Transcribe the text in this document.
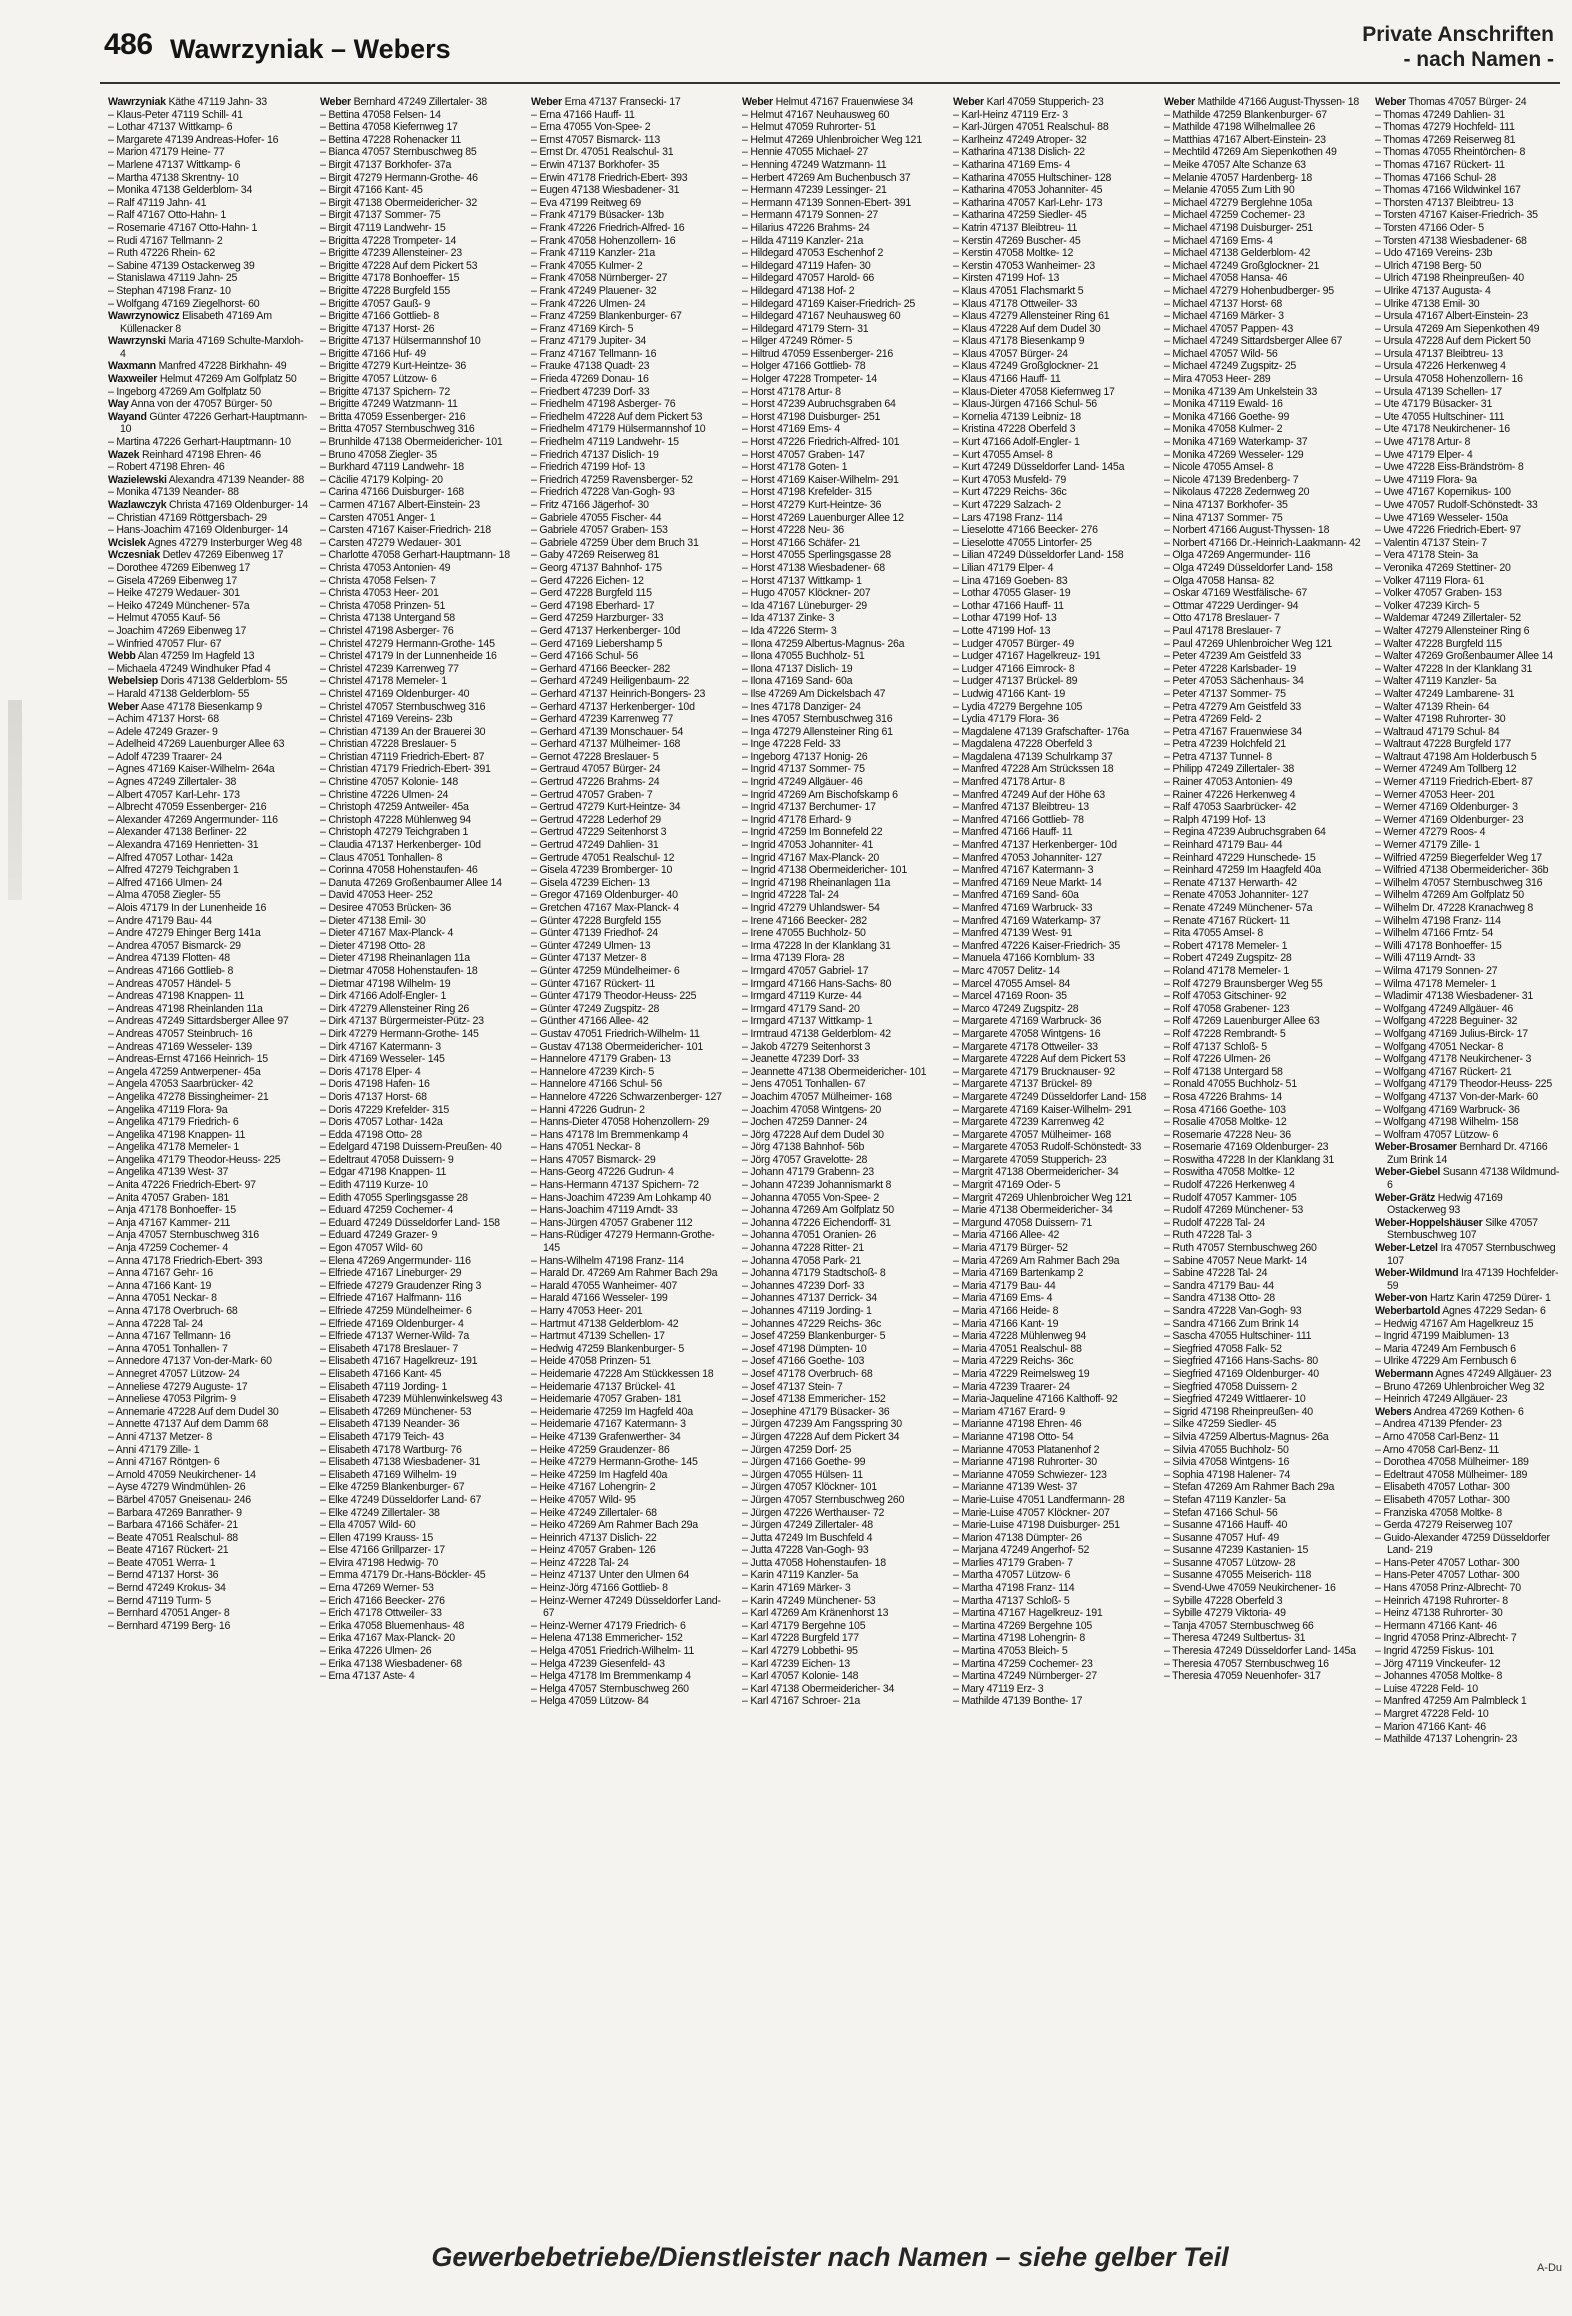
486 Wawrzyniak – Webers	Private Anschriften
- nach Namen -
Wawrzyniak Käthe 47119 Jahn- 33
– Klaus-Peter 47119 Schill- 41
– Lothar 47137 Wittkamp- 6
– Margarete 47139 Andreas-Hofer- 16
– Marion 47179 Heine- 77
– Marlene 47137 Wittkamp- 6
– Martha 47138 Skrentny- 10
– Monika 47138 Gelderblom- 34
– Ralf 47119 Jahn- 41
– Ralf 47167 Otto-Hahn- 1
– Rosemarie 47167 Otto-Hahn- 1
– Rudi 47167 Tellmann- 2
– Ruth 47226 Rhein- 62
– Sabine 47139 Ostackerweg 39
– Stanislawa 47119 Jahn- 25
– Stephan 47198 Franz- 10
– Wolfgang 47169 Ziegelhorst- 60
Wawrzynowicz Elisabeth 47169 Am Küllenacker 8
Wawrzynski Maria 47169 Schulte-Marxloh- 4
Waxmann Manfred 47228 Birkhahn- 49
Waxweiler Helmut 47269 Am Golfplatz 50
– Ingeborg 47269 Am Golfplatz 50
Way Anna von der 47057 Bürger- 50
Wayand Günter 47226 Gerhart-Hauptmann- 10
– Martina 47226 Gerhart-Hauptmann- 10
Wazek Reinhard 47198 Ehren- 46
– Robert 47198 Ehren- 46
Wazielewski Alexandra 47139 Neander- 88
– Monika 47139 Neander- 88
Wazlawczyk Christa 47169 Oldenburger- 14
– Christian 47169 Röttgersbach- 29
– Hans-Joachim 47169 Oldenburger- 14
Wcislek Agnes 47279 Insterburger Weg 48
Wczesniak Detlev 47269 Eibenweg 17
– Dorothee 47269 Eibenweg 17
– Gisela 47269 Eibenweg 17
– Heike 47279 Wedauer- 301
– Heiko 47249 Münchener- 57a
– Helmut 47055 Kauf- 56
– Joachim 47269 Eibenweg 17
– Winfried 47057 Flur- 67
Webb Alan 47259 Im Hagfeld 13
– Michaela 47249 Windhuker Pfad 4
Webelsiep Doris 47138 Gelderblom- 55
– Harald 47138 Gelderblom- 55
Weber Aase 47178 Biesenkamp 9
– Achim 47137 Horst- 68
– Adele 47249 Grazer- 9
– Adelheid 47269 Lauenburger Allee 63
– Adolf 47239 Traarer- 24
– Agnes 47169 Kaiser-Wilhelm- 264a
– Agnes 47249 Zillertaler- 38
– Albert 47057 Karl-Lehr- 173
– Albrecht 47059 Essenberger- 216
– Alexander 47269 Angermunder- 116
– Alexander 47138 Berliner- 22
– Alexandra 47169 Henrietten- 31
– Alfred 47057 Lothar- 142a
– Alfred 47279 Teichgraben 1
– Alfred 47166 Ulmen- 24
– Alma 47058 Ziegler- 55
– Alois 47179 In der Lunenheide 16
– Andre 47179 Bau- 44
– Andre 47279 Ehinger Berg 141a
– Andrea 47057 Bismarck- 29
– Andrea 47139 Flotten- 48
– Andreas 47166 Gottlieb- 8
– Andreas 47057 Händel- 5
– Andreas 47198 Knappen- 11
– Andreas 47198 Rheinlanden 11a
– Andreas 47249 Sittardsberger Allee 97
– Andreas 47057 Steinbruch- 16
– Andreas 47169 Wesseler- 139
– Andreas-Ernst 47166 Heinrich- 15
– Angela 47259 Antwerpener- 45a
– Angela 47053 Saarbrücker- 42
– Angelika 47278 Bissingheimer- 21
– Angelika 47119 Flora- 9a
– Angelika 47179 Friedrich- 6
– Angelika 47198 Knappen- 11
– Angelika 47178 Memeler- 1
– Angelika 47179 Theodor-Heuss- 225
– Angelika 47139 West- 37
– Anita 47226 Friedrich-Ebert- 97
– Anita 47057 Graben- 181
– Anja 47178 Bonhoeffer- 15
– Anja 47167 Kammer- 211
– Anja 47057 Sternbuschweg 316
– Anja 47259 Cochemer- 4
– Anna 47178 Friedrich-Ebert- 393
– Anna 47167 Gehr- 16
– Anna 47166 Kant- 19
– Anna 47051 Neckar- 8
– Anna 47178 Overbruch- 68
– Anna 47228 Tal- 24
– Anna 47167 Tellmann- 16
– Anna 47051 Tonhallen- 7
– Annedore 47137 Von-der-Mark- 60
– Annegret 47057 Lützow- 24
– Anneliese 47279 Auguste- 17
– Anneliese 47053 Pilgrim- 9
– Annemarie 47228 Auf dem Dudel 30
– Annette 47137 Auf dem Damm 68
– Anni 47137 Metzer- 8
– Anni 47179 Zille- 1
– Anni 47167 Röntgen- 6
– Arnold 47059 Neukirchener- 14
– Ayse 47279 Windmühlen- 26
– Bärbel 47057 Gneisenau- 246
– Barbara 47269 Banrather- 9
– Barbara 47166 Schäfer- 21
– Beate 47051 Realschul- 88
– Beate 47167 Rückert- 21
– Beate 47051 Werra- 1
– Bernd 47137 Horst- 36
– Bernd 47249 Krokus- 34
– Bernd 47119 Turm- 5
– Bernhard 47051 Anger- 8
– Bernhard 47199 Berg- 16
Weber Bernhard 47249 Zillertaler- 38
– Bettina 47058 Felsen- 14
– Bettina 47058 Kiefernweg 17
– Bettina 47228 Rohenacker 11
– Bianca 47057 Sternbuschweg 85
– Birgit 47137 Borkhofer- 37a
– Birgit 47279 Hermann-Grothe- 46
– Birgit 47166 Kant- 45
– Birgit 47138 Obermeidericher- 32
– Birgit 47137 Sommer- 75
– Birgit 47119 Landwehr- 15
– Brigitta 47228 Trompeter- 14
– Brigitte 47239 Allensteiner- 23
– Brigitte 47228 Auf dem Pickert 53
– Brigitte 47178 Bonhoeffer- 15
– Brigitte 47228 Burgfeld 155
– Brigitte 47057 Gauß- 9
– Brigitte 47166 Gottlieb- 8
– Brigitte 47137 Horst- 26
– Brigitte 47137 Hülsermannshof 10
– Brigitte 47166 Huf- 49
– Brigitte 47279 Kurt-Heintze- 36
– Brigitte 47057 Lützow- 6
– Brigitte 47137 Spichern- 72
– Brigitte 47249 Watzmann- 11
– Britta 47059 Essenberger- 216
– Britta 47057 Sternbuschweg 316
– Brunhilde 47138 Obermeidericher- 101
– Bruno 47058 Ziegler- 35
– Burkhard 47119 Landwehr- 18
– Cäcilie 47179 Kolping- 20
– Carina 47166 Duisburger- 168
– Carmen 47167 Albert-Einstein- 23
– Carsten 47051 Anger- 1
– Carsten 47167 Kaiser-Friedrich- 218
– Carsten 47279 Wedauer- 301
– Charlotte 47058 Gerhart-Hauptmann- 18
– Christa 47053 Antonien- 49
– Christa 47058 Felsen- 7
– Christa 47053 Heer- 201
– Christa 47058 Prinzen- 51
– Christa 47138 Untergand 58
– Christel 47198 Asberger- 76
– Christel 47279 Hermann-Grothe- 145
– Christel 47179 In der Lunnenheide 16
– Christel 47239 Karrenweg 77
– Christel 47178 Memeler- 1
– Christel 47169 Oldenburger- 40
– Christel 47057 Sternbuschweg 316
– Christel 47169 Vereins- 23b
– Christian 47139 An der Brauerei 30
– Christian 47228 Breslauer- 5
– Christian 47119 Friedrich-Ebert- 87
– Christian 47179 Friedrich-Ebert- 391
– Christine 47057 Kolonie- 148
– Christine 47226 Ulmen- 24
– Christoph 47259 Antweiler- 45a
– Christoph 47228 Mühlenweg 94
– Christoph 47279 Teichgraben 1
– Claudia 47137 Herkenberger- 10d
– Claus 47051 Tonhallen- 8
– Corinna 47058 Hohenstaufen- 46
– Danuta 47269 Großenbaumer Allee 14
– David 47053 Heer- 252
– Desiree 47053 Brücken- 36
– Dieter 47138 Emil- 30
– Dieter 47167 Max-Planck- 4
– Dieter 47198 Otto- 28
– Dieter 47198 Rheinanlagen 11a
– Dietmar 47058 Hohenstaufen- 18
– Dietmar 47198 Wilhelm- 19
– Dirk 47166 Adolf-Engler- 1
– Dirk 47279 Allensteiner Ring 26
– Dirk 47137 Bürgermeister-Pütz- 23
– Dirk 47279 Hermann-Grothe- 145
– Dirk 47167 Katermann- 3
– Dirk 47169 Wesseler- 145
– Doris 47178 Elper- 4
– Doris 47198 Hafen- 16
– Doris 47137 Horst- 68
– Doris 47229 Krefelder- 315
– Doris 47057 Lothar- 142a
– Edda 47198 Otto- 28
– Edelgard 47198 Duissern-Preußen- 40
– Edeltraut 47058 Duissern- 9
– Edgar 47198 Knappen- 11
– Edith 47119 Kurze- 10
– Edith 47055 Sperlingsgasse 28
– Eduard 47259 Cochemer- 4
– Eduard 47249 Düsseldorfer Land- 158
– Eduard 47249 Grazer- 9
– Egon 47057 Wild- 60
– Elena 47269 Angermunder- 116
– Elfriede 47167 Lineburger- 29
– Elfriede 47279 Graudenzer Ring 3
– Elfriede 47167 Halfmann- 116
– Elfriede 47259 Mündelheimer- 6
– Elfriede 47169 Oldenburger- 4
– Elfriede 47137 Werner-Wild- 7a
– Elisabeth 47178 Breslauer- 7
– Elisabeth 47167 Hagelkreuz- 191
– Elisabeth 47166 Kant- 45
– Elisabeth 47119 Jording- 1
– Elisabeth 47239 Mühlenwinkelsweg 43
– Elisabeth 47269 Münchener- 53
– Elisabeth 47139 Neander- 36
– Elisabeth 47179 Teich- 43
– Elisabeth 47178 Wartburg- 76
– Elisabeth 47138 Wiesbadener- 31
– Elisabeth 47169 Wilhelm- 19
– Elke 47259 Blankenburger- 67
– Elke 47249 Düsseldorfer Land- 67
– Elke 47249 Zillertaler- 38
– Ella 47057 Wild- 60
– Ellen 47199 Krauss- 15
– Else 47166 Grillparzer- 17
– Elvira 47198 Hedwig- 70
– Emma 47179 Dr.-Hans-Böckler- 45
– Erna 47269 Werner- 53
– Erich 47166 Beecker- 276
– Erich 47178 Ottweiler- 33
– Erika 47058 Bluemenhaus- 48
– Erika 47167 Max-Planck- 20
– Erika 47226 Ulmen- 26
– Erika 47138 Wiesbadener- 68
– Erna 47137 Aste- 4
Weber Erna 47137 Fransecki- 17
– Erna 47166 Hauff- 11
– Erna 47055 Von-Spee- 2
– Ernst 47057 Bismarck- 113
– Ernst Dr. 47051 Realschul- 31
– Erwin 47137 Borkhofer- 35
– Erwin 47178 Friedrich-Ebert- 393
– Eugen 47138 Wiesbadener- 31
– Eva 47199 Reitweg 69
– Frank 47179 Büsacker- 13b
– Frank 47226 Friedrich-Alfred- 16
– Frank 47058 Hohenzollern- 16
– Frank 47119 Kanzler- 21a
– Frank 47055 Kulmer- 2
– Frank 47058 Nürnberger- 27
– Frank 47249 Plauener- 32
– Frank 47226 Ulmen- 24
– Franz 47259 Blankenburger- 67
– Franz 47169 Kirch- 5
– Franz 47179 Jupiter- 34
– Franz 47167 Tellmann- 16
– Frauke 47138 Quadt- 23
– Frieda 47269 Donau- 16
– Friedbert 47239 Dorf- 33
– Friedhelm 47198 Asberger- 76
– Friedhelm 47228 Auf dem Pickert 53
– Friedhelm 47179 Hülsermannshof 10
– Friedhelm 47119 Landwehr- 15
– Friedrich 47137 Dislich- 19
– Friedrich 47199 Hof- 13
– Friedrich 47259 Ravensberger- 52
– Friedrich 47228 Van-Gogh- 93
– Fritz 47166 Jägerhof- 30
– Gabriele 47055 Fischer- 44
– Gabriele 47057 Graben- 153
– Gabriele 47259 Über dem Bruch 31
– Gaby 47269 Reiserweg 81
– Georg 47137 Bahnhof- 175
– Gerd 47226 Eichen- 12
– Gerd 47228 Burgfeld 115
– Gerd 47198 Eberhard- 17
– Gerd 47259 Harzburger- 33
– Gerd 47137 Herkenberger- 10d
– Gerd 47169 Liebershamp 5
– Gerd 47166 Schul- 56
– Gerhard 47166 Beecker- 282
– Gerhard 47249 Heiligenbaum- 22
– Gerhard 47137 Heinrich-Bongers- 23
– Gerhard 47137 Herkenberger- 10d
– Gerhard 47239 Karrenweg 77
– Gerhard 47139 Monschauer- 54
– Gerhard 47137 Mülheimer- 168
– Gernot 47228 Breslauer- 5
– Gertraud 47057 Bürger- 24
– Gertrud 47226 Brahms- 24
– Gertrud 47057 Graben- 7
– Gertrud 47279 Kurt-Heintze- 34
– Gertrud 47228 Lederhof 29
– Gertrud 47229 Seitenhorst 3
– Gertrud 47249 Dahlien- 31
– Gertrude 47051 Realschul- 12
– Gisela 47239 Bromberger- 10
– Gisela 47239 Eichen- 13
– Gregor 47169 Oldenburger- 40
– Gretchen 47167 Max-Planck- 4
– Günter 47228 Burgfeld 155
– Günter 47139 Friedhof- 24
– Günter 47249 Ulmen- 13
– Günter 47137 Metzer- 8
– Günter 47259 Mündelheimer- 6
– Günter 47167 Rückert- 11
– Günter 47179 Theodor-Heuss- 225
– Günter 47249 Zugspitz- 28
– Günther 47166 Allee- 42
– Gustav 47051 Friedrich-Wilhelm- 11
– Gustav 47138 Obermeidericher- 101
– Hannelore 47179 Graben- 13
– Hannelore 47239 Kirch- 5
– Hannelore 47166 Schul- 56
– Hannelore 47226 Schwarzenberger- 127
– Hanni 47226 Gudrun- 2
– Hanns-Dieter 47058 Hohenzollern- 29
– Hans 47178 Im Bremmenkamp 4
– Hans 47051 Neckar- 8
– Hans 47057 Bismarck- 29
– Hans-Georg 47226 Gudrun- 4
– Hans-Hermann 47137 Spichern- 72
– Hans-Joachim 47239 Am Lohkamp 40
– Hans-Joachim 47119 Arndt- 33
– Hans-Jürgen 47057 Grabener 112
– Hans-Rüdiger 47279 Hermann-Grothe- 145
– Hans-Wilhelm 47198 Franz- 114
– Harald Dr. 47269 Am Rahmer Bach 29a
– Harald 47055 Wanheimer- 407
– Harald 47166 Wesseler- 199
– Harry 47053 Heer- 201
– Hartmut 47138 Gelderblom- 42
– Hartmut 47139 Schellen- 17
– Hedwig 47259 Blankenburger- 5
– Heide 47058 Prinzen- 51
– Heidemarie 47228 Am Stückkessen 18
– Heidemarie 47137 Brückel- 41
– Heidemarie 47057 Graben- 181
– Heidemarie 47259 Im Hagfeld 40a
– Heidemarie 47167 Katermann- 3
– Heike 47139 Grafenwerther- 34
– Heike 47259 Graudenzer- 86
– Heike 47279 Hermann-Grothe- 145
– Heike 47259 Im Hagfeld 40a
– Heike 47167 Lohengrin- 2
– Heike 47057 Wild- 95
– Heike 47249 Zillertaler- 68
– Heiko 47269 Am Rahmer Bach 29a
– Heinrich 47137 Dislich- 22
– Heinz 47057 Graben- 126
– Heinz 47228 Tal- 24
– Heinz 47137 Unter den Ulmen 64
– Heinz-Jörg 47166 Gottlieb- 8
– Heinz-Werner 47249 Düsseldorfer Land- 67
– Heinz-Werner 47179 Friedrich- 6
– Helena 47138 Emmericher- 152
– Helga 47051 Friedrich-Wilhelm- 11
– Helga 47239 Giesenfeld- 43
– Helga 47178 Im Bremmenkamp 4
– Helga 47057 Sternbuschweg 260
– Helga 47059 Lützow- 84
Weber Helmut 47167 Frauenwiese 34
– Helmut 47167 Neuhausweg 60
– Helmut 47059 Ruhrorter- 51
– Helmut 47269 Uhlenbroicher Weg 121
– Hennie 47055 Michael- 27
– Henning 47249 Watzmann- 11
– Herbert 47269 Am Buchenbusch 37
– Hermann 47239 Lessinger- 21
– Hermann 47139 Sonnen-Ebert- 391
– Hermann 47179 Sonnen- 27
– Hilarius 47226 Brahms- 24
– Hilda 47119 Kanzler- 21a
– Hildegard 47053 Eschenhof 2
– Hildegard 47119 Hafen- 30
– Hildegard 47057 Harold- 66
– Hildegard 47138 Hof- 2
– Hildegard 47169 Kaiser-Friedrich- 25
– Hildegard 47167 Neuhausweg 60
– Hildegard 47179 Stern- 31
– Hilger 47249 Römer- 5
– Hiltrud 47059 Essenberger- 216
– Holger 47166 Gottlieb- 78
– Holger 47228 Trompeter- 14
– Horst 47178 Artur- 8
– Horst 47239 Aubruchsgraben 64
– Horst 47198 Duisburger- 251
– Horst 47169 Ems- 4
– Horst 47226 Friedrich-Alfred- 101
– Horst 47057 Graben- 147
– Horst 47178 Goten- 1
– Horst 47169 Kaiser-Wilhelm- 291
– Horst 47198 Krefelder- 315
– Horst 47279 Kurt-Heintze- 36
– Horst 47269 Lauenburger Allee 12
– Horst 47228 Neu- 36
– Horst 47166 Schäfer- 21
– Horst 47055 Sperlingsgasse 28
– Horst 47138 Wiesbadener- 68
– Horst 47137 Wittkamp- 1
– Hugo 47057 Klöckner- 207
– Ida 47167 Lüneburger- 29
– Ida 47137 Zinke- 3
– Ida 47226 Sterm- 3
– Ilona 47259 Albertus-Magnus- 26a
– Ilona 47055 Buchholz- 51
– Ilona 47137 Dislich- 19
– Ilona 47169 Sand- 60a
– Ilse 47269 Am Dickelsbach 47
– Ines 47178 Danziger- 24
– Ines 47057 Sternbuschweg 316
– Inga 47279 Allensteiner Ring 61
– Inge 47228 Feld- 33
– Ingeborg 47137 Honig- 26
– Ingrid 47137 Sommer- 75
– Ingrid 47249 Allgäuer- 46
– Ingrid 47269 Am Bischofskamp 6
– Ingrid 47137 Berchumer- 17
– Ingrid 47178 Erhard- 9
– Ingrid 47259 Im Bonnefeld 22
– Ingrid 47053 Johanniter- 41
– Ingrid 47167 Max-Planck- 20
– Ingrid 47138 Obermeidericher- 101
– Ingrid 47198 Rheinanlagen 11a
– Ingrid 47228 Tal- 24
– Ingrid 47279 Uhlandswer- 54
– Irene 47166 Beecker- 282
– Irene 47055 Buchholz- 50
– Irma 47228 In der Klanklang 31
– Irma 47139 Flora- 28
– Irmgard 47057 Gabriel- 17
– Irmgard 47166 Hans-Sachs- 80
– Irmgard 47119 Kurze- 44
– Irmgard 47179 Sand- 20
– Irmgard 47137 Wittkamp- 1
– Irmtraud 47138 Gelderblom- 42
– Jakob 47279 Seitenhorst 3
– Jeanette 47239 Dorf- 33
– Jeannette 47138 Obermeidericher- 101
– Jens 47051 Tonhallen- 67
– Joachim 47057 Mülheimer- 168
– Joachim 47058 Wintgens- 20
– Jochen 47259 Danner- 24
– Jörg 47228 Auf dem Dudel 30
– Jörg 47138 Bahnhof- 56b
– Jörg 47057 Gravelotte- 28
– Johann 47179 Grabenn- 23
– Johann 47239 Johannismarkt 8
– Johanna 47055 Von-Spee- 2
– Johanna 47269 Am Golfplatz 50
– Johanna 47226 Eichendorff- 31
– Johanna 47051 Oranien- 26
– Johanna 47228 Ritter- 21
– Johanna 47058 Park- 21
– Johanna 47179 Stadtschoß- 8
– Johannes 47239 Dorf- 33
– Johannes 47137 Derrick- 34
– Johannes 47119 Jording- 1
– Johannes 47229 Reichs- 36c
– Josef 47259 Blankenburger- 5
– Josef 47198 Dümpten- 10
– Josef 47166 Goethe- 103
– Josef 47178 Overbruch- 68
– Josef 47137 Stein- 7
– Josef 47138 Emmericher- 152
– Josephine 47179 Büsacker- 36
– Jürgen 47239 Am Fangsspring 30
– Jürgen 47228 Auf dem Pickert 34
– Jürgen 47259 Dorf- 25
– Jürgen 47166 Goethe- 99
– Jürgen 47055 Hülsen- 11
– Jürgen 47057 Klöckner- 101
– Jürgen 47057 Sternbuschweg 260
– Jürgen 47226 Werthauser- 72
– Jürgen 47249 Zillertaler- 48
– Jutta 47249 Im Buschfeld 4
– Jutta 47228 Van-Gogh- 93
– Jutta 47058 Hohenstaufen- 18
– Karin 47119 Kanzler- 5a
– Karin 47169 Märker- 3
– Karin 47249 Münchener- 53
– Karl 47269 Am Kränenhorst 13
– Karl 47179 Bergehne 105
– Karl 47228 Burgfeld 177
– Karl 47279 Lobbethi- 95
– Karl 47239 Eichen- 13
– Karl 47057 Kolonie- 148
– Karl 47138 Obermeidericher- 34
– Karl 47167 Schroer- 21a
Weber Karl 47059 Stupperich- 23
– Karl-Heinz 47119 Erz- 3
– Karl-Jürgen 47051 Realschul- 88
– Karlheinz 47249 Atroper- 32
– Katharina 47138 Dislich- 22
– Katharina 47169 Ems- 4
– Katharina 47055 Hultschiner- 128
– Katharina 47053 Johanniter- 45
– Katharina 47057 Karl-Lehr- 173
– Katharina 47259 Siedler- 45
– Katrin 47137 Bleibtreu- 11
– Kerstin 47269 Buscher- 45
– Kerstin 47058 Moltke- 12
– Kerstin 47053 Wanheimer- 23
– Kirsten 47199 Hof- 13
– Klaus 47051 Flachsmarkt 5
– Klaus 47178 Ottweiler- 33
– Klaus 47279 Allensteiner Ring 61
– Klaus 47228 Auf dem Dudel 30
– Klaus 47178 Biesenkamp 9
– Klaus 47057 Bürger- 24
– Klaus 47249 Großglockner- 21
– Klaus 47166 Hauff- 11
– Klaus-Dieter 47058 Kiefernweg 17
– Klaus-Jürgen 47166 Schul- 56
– Kornelia 47139 Leibniz- 18
– Kristina 47228 Oberfeld 3
– Kurt 47166 Adolf-Engler- 1
– Kurt 47055 Amsel- 8
– Kurt 47249 Düsseldorfer Land- 145a
– Kurt 47053 Musfeld- 79
– Kurt 47229 Reichs- 36c
– Kurt 47229 Salzach- 2
– Lars 47198 Franz- 114
– Lieselotte 47166 Beecker- 276
– Lieselotte 47055 Lintorfer- 25
– Lilian 47249 Düsseldorfer Land- 158
– Lilian 47179 Elper- 4
– Lina 47169 Goeben- 83
– Lothar 47055 Glaser- 19
– Lothar 47166 Hauff- 11
– Lothar 47199 Hof- 13
– Lotte 47199 Hof- 13
– Ludger 47057 Bürger- 49
– Ludger 47167 Hagelkreuz- 191
– Ludger 47166 Eimrock- 8
– Ludger 47137 Brückel- 89
– Ludwig 47166 Kant- 19
– Lydia 47279 Bergehne 105
– Lydia 47179 Flora- 36
– Magdalene 47139 Grafschafter- 176a
– Magdalena 47228 Oberfeld 3
– Magdalena 47139 Schulrkamp 37
– Manfred 47228 Am Strückssen 18
– Manfred 47178 Artur- 8
– Manfred 47249 Auf der Höhe 63
– Manfred 47137 Bleibtreu- 13
– Manfred 47166 Gottlieb- 78
– Manfred 47166 Hauff- 11
– Manfred 47137 Herkenberger- 10d
– Manfred 47053 Johanniter- 127
– Manfred 47167 Katermann- 3
– Manfred 47169 Neue Markt- 14
– Manfred 47169 Sand- 60a
– Manfred 47169 Warbruck- 33
– Manfred 47169 Waterkamp- 37
– Manfred 47139 West- 91
– Manfred 47226 Kaiser-Friedrich- 35
– Manuela 47166 Kornblum- 33
– Marc 47057 Delitz- 14
– Marcel 47055 Amsel- 84
– Marcel 47169 Roon- 35
– Marco 47249 Zugspitz- 28
– Margarete 47169 Warbruck- 36
– Margarete 47058 Wintgens- 16
– Margarete 47178 Ottweiler- 33
– Margarete 47228 Auf dem Pickert 53
– Margarete 47179 Brucknauser- 92
– Margarete 47137 Brückel- 89
– Margarete 47249 Düsseldorfer Land- 158
– Margarete 47169 Kaiser-Wilhelm- 291
– Margarete 47239 Karrenweg 42
– Margarete 47057 Mülheimer- 168
– Margarete 47053 Rudolf-Schönstedt- 33
– Margarete 47059 Stupperich- 23
– Margrit 47138 Obermeidericher- 34
– Margrit 47169 Oder- 5
– Margrit 47269 Uhlenbroicher Weg 121
– Marie 47138 Obermeidericher- 34
– Margund 47058 Duissern- 71
– Maria 47166 Allee- 42
– Maria 47179 Bürger- 52
– Maria 47269 Am Rahmer Bach 29a
– Maria 47169 Bartenkamp 2
– Maria 47179 Bau- 44
– Maria 47169 Ems- 4
– Maria 47166 Heide- 8
– Maria 47166 Kant- 19
– Maria 47228 Mühlenweg 94
– Maria 47051 Realschul- 88
– Maria 47229 Reichs- 36c
– Maria 47229 Reimelsweg 19
– Maria 47239 Traarer- 24
– Maria-Jaqueline 47166 Kalthoff- 92
– Mariam 47167 Erard- 9
– Marianne 47198 Ehren- 46
– Marianne 47198 Otto- 54
– Marianne 47053 Platanenhof 2
– Marianne 47198 Ruhrorter- 30
– Marianne 47059 Schwiezer- 123
– Marianne 47139 West- 37
– Marie-Luise 47051 Landfermann- 28
– Marie-Luise 47057 Klöckner- 207
– Marie-Luise 47198 Duisburger- 251
– Marion 47138 Dümpter- 26
– Marjana 47249 Angerhof- 52
– Marlies 47179 Graben- 7
– Martha 47057 Lützow- 6
– Martha 47198 Franz- 114
– Martha 47137 Schloß- 5
– Martina 47167 Hagelkreuz- 191
– Martina 47269 Bergehne 105
– Martina 47198 Lohengrin- 8
– Martina 47053 Bleich- 5
– Martina 47259 Cochemer- 23
– Martina 47249 Nürnberger- 27
– Mary 47119 Erz- 3
– Mathilde 47139 Bonthe- 17
Weber Mathilde 47166 August-Thyssen- 18
– Mathilde 47259 Blankenburger- 67
– Mathilde 47198 Wilhelmallee 26
– Matthias 47167 Albert-Einstein- 23
– Mechtild 47269 Am Siepenkothen 49
– Meike 47057 Alte Schanze 63
– Melanie 47057 Hardenberg- 18
– Melanie 47055 Zum Lith 90
– Michael 47279 Berglehne 105a
– Michael 47259 Cochemer- 23
– Michael 47198 Duisburger- 251
– Michael 47169 Ems- 4
– Michael 47138 Gelderblom- 42
– Michael 47249 Großglockner- 21
– Michael 47058 Hansa- 46
– Michael 47279 Hohenbudberger- 95
– Michael 47137 Horst- 68
– Michael 47169 Märker- 3
– Michael 47057 Pappen- 43
– Michael 47249 Sittardsberger Allee 67
– Michael 47057 Wild- 56
– Michael 47249 Zugspitz- 25
– Mira 47053 Heer- 289
– Monika 47139 Am Unkelstein 33
– Monika 47119 Ewald- 16
– Monika 47166 Goethe- 99
– Monika 47058 Kulmer- 2
– Monika 47169 Waterkamp- 37
– Monika 47269 Wesseler- 129
– Nicole 47055 Amsel- 8
– Nicole 47139 Bredenberg- 7
– Nikolaus 47228 Zedernweg 20
– Nina 47137 Borkhofer- 35
– Nina 47137 Sommer- 75
– Norbert 47166 August-Thyssen- 18
– Norbert 47166 Dr.-Heinrich-Laakmann- 42
– Olga 47269 Angermunder- 116
– Olga 47249 Düsseldorfer Land- 158
– Olga 47058 Hansa- 82
– Oskar 47169 Westfälische- 67
– Ottmar 47229 Uerdinger- 94
– Otto 47178 Breslauer- 7
– Paul 47178 Breslauer- 7
– Paul 47269 Uhlenbroicher Weg 121
– Peter 47239 Am Geistfeld 33
– Peter 47228 Karlsbader- 19
– Peter 47053 Sächenhaus- 34
– Peter 47137 Sommer- 75
– Petra 47279 Am Geistfeld 33
– Petra 47269 Feld- 2
– Petra 47167 Frauenwiese 34
– Petra 47239 Holchfeld 21
– Petra 47137 Tunnel- 8
– Philipp 47249 Zillertaler- 38
– Rainer 47053 Antonien- 49
– Rainer 47226 Herkenweg 4
– Ralf 47053 Saarbrücker- 42
– Ralph 47199 Hof- 13
– Regina 47239 Aubruchsgraben 64
– Reinhard 47179 Bau- 44
– Reinhard 47229 Hunschede- 15
– Reinhard 47259 Im Haagfeld 40a
– Renate 47137 Herwarth- 42
– Renate 47053 Johanniter- 127
– Renate 47249 Münchener- 57a
– Renate 47167 Rückert- 11
– Rita 47055 Amsel- 8
– Robert 47178 Memeler- 1
– Robert 47249 Zugspitz- 28
– Roland 47178 Memeler- 1
– Rolf 47279 Braunsberger Weg 55
– Rolf 47053 Gitschiner- 92
– Rolf 47058 Grabener- 123
– Rolf 47269 Lauenburger Allee 63
– Rolf 47228 Rembrandt- 5
– Rolf 47137 Schloß- 5
– Rolf 47226 Ulmen- 26
– Rolf 47138 Untergard 58
– Ronald 47055 Buchholz- 51
– Rosa 47226 Brahms- 14
– Rosa 47166 Goethe- 103
– Rosalie 47058 Moltke- 12
– Rosemarie 47228 Neu- 36
– Rosemarie 47169 Oldenburger- 23
– Roswitha 47228 In der Klanklang 31
– Roswitha 47058 Moltke- 12
– Rudolf 47226 Herkenweg 4
– Rudolf 47057 Kammer- 105
– Rudolf 47269 Münchener- 53
– Rudolf 47228 Tal- 24
– Ruth 47228 Tal- 3
– Ruth 47057 Sternbuschweg 260
– Sabine 47057 Neue Markt- 14
– Sabine 47228 Tal- 24
– Sandra 47179 Bau- 44
– Sandra 47138 Otto- 28
– Sandra 47228 Van-Gogh- 93
– Sandra 47166 Zum Brink 14
– Sascha 47055 Hultschiner- 111
– Siegfried 47058 Falk- 52
– Siegfried 47166 Hans-Sachs- 80
– Siegfried 47169 Oldenburger- 40
– Siegfried 47058 Duissern- 2
– Siegfried 47249 Wittlaerer- 10
– Sigrid 47198 Rheinpreußen- 40
– Silke 47259 Siedler- 45
– Silvia 47259 Albertus-Magnus- 26a
– Silvia 47055 Buchholz- 50
– Silvia 47058 Wintgens- 16
– Sophia 47198 Halener- 74
– Stefan 47269 Am Rahmer Bach 29a
– Stefan 47119 Kanzler- 5a
– Stefan 47166 Schul- 56
– Susanne 47166 Hauff- 40
– Susanne 47057 Huf- 49
– Susanne 47239 Kastanien- 15
– Susanne 47057 Lützow- 28
– Susanne 47055 Meiserich- 118
– Svend-Uwe 47059 Neukirchener- 16
– Sybille 47228 Oberfeld 3
– Sybille 47279 Viktoria- 49
– Tanja 47057 Sternbuschweg 66
– Theresa 47249 Sultbertus- 31
– Theresia 47249 Düsseldorfer Land- 145a
– Theresia 47057 Sternbuschweg 16
– Theresia 47059 Neuenhofer- 317
Weber Thomas 47057 Bürger- 24
– Thomas 47249 Dahlien- 31
– Thomas 47279 Hochfeld- 111
– Thomas 47269 Reiserweg 81
– Thomas 47055 Rheintörchen- 8
– Thomas 47167 Rückert- 11
– Thomas 47166 Schul- 28
– Thomas 47166 Wildwinkel 167
– Thorsten 47137 Bleibtreu- 13
– Torsten 47167 Kaiser-Friedrich- 35
– Torsten 47166 Oder- 5
– Torsten 47138 Wiesbadener- 68
– Udo 47169 Vereins- 23b
– Ulrich 47198 Berg- 50
– Ulrich 47198 Rheinpreußen- 40
– Ulrike 47137 Augusta- 4
– Ulrike 47138 Emil- 30
– Ursula 47167 Albert-Einstein- 23
– Ursula 47269 Am Siepenkothen 49
– Ursula 47228 Auf dem Pickert 50
– Ursula 47137 Bleibtreu- 13
– Ursula 47226 Herkenweg 4
– Ursula 47058 Hohenzollern- 16
– Ursula 47139 Schellen- 17
– Ute 47179 Büsacker- 31
– Ute 47055 Hultschiner- 111
– Ute 47178 Neukirchener- 16
– Uwe 47178 Artur- 8
– Uwe 47179 Elper- 4
– Uwe 47228 Eiss-Brändström- 8
– Uwe 47119 Flora- 9a
– Uwe 47167 Kopernikus- 100
– Uwe 47057 Rudolf-Schönstedt- 33
– Uwe 47169 Wesseler- 150a
– Uwe 47226 Friedrich-Ebert- 97
– Valentin 47137 Stein- 7
– Vera 47178 Stein- 3a
– Veronika 47269 Stettiner- 20
– Volker 47119 Flora- 61
– Volker 47057 Graben- 153
– Volker 47239 Kirch- 5
– Waldemar 47249 Zillertaler- 52
– Walter 47279 Allensteiner Ring 6
– Walter 47228 Burgfeld 115
– Walter 47269 Großenbaumer Allee 14
– Walter 47228 In der Klanklang 31
– Walter 47119 Kanzler- 5a
– Walter 47249 Lambarene- 31
– Walter 47139 Rhein- 64
– Walter 47198 Ruhrorter- 30
– Waltraud 47179 Schul- 84
– Waltraut 47228 Burgfeld 177
– Waltraut 47198 Am Holderbusch 5
– Werner 47249 Am Tollberg 12
– Werner 47119 Friedrich-Ebert- 87
– Werner 47053 Heer- 201
– Werner 47169 Oldenburger- 3
– Werner 47169 Oldenburger- 23
– Werner 47279 Roos- 4
– Werner 47179 Zille- 1
– Wilfried 47259 Biegerfelder Weg 17
– Wilfried 47138 Obermeidericher- 36b
– Wilhelm 47057 Sternbuschweg 316
– Wilhelm 47269 Am Golfplatz 50
– Wilhelm Dr. 47228 Kranachweg 8
– Wilhelm 47198 Franz- 114
– Wilhelm 47166 Frntz- 54
– Willi 47178 Bonhoeffer- 15
– Willi 47119 Arndt- 33
– Wilma 47179 Sonnen- 27
– Wilma 47178 Memeler- 1
– Wladimir 47138 Wiesbadener- 31
– Wolfgang 47249 Allgäuer- 46
– Wolfgang 47228 Beguiner- 32
– Wolfgang 47169 Julius-Birck- 17
– Wolfgang 47051 Neckar- 8
– Wolfgang 47178 Neukirchener- 3
– Wolfgang 47167 Rückert- 21
– Wolfgang 47179 Theodor-Heuss- 225
– Wolfgang 47137 Von-der-Mark- 60
– Wolfgang 47169 Warbruck- 36
– Wolfgang 47198 Wilhelm- 158
– Wolfram 47057 Lützow- 6
Weber-Brosamer Bernhard Dr. 47166 Zum Brink 14
Weber-Giebel Susann 47138 Wildmund- 6
Weber-Grätz Hedwig 47169 Ostackerweg 93
Weber-Hoppelshäuser Silke 47057 Sternbuschweg 107
Weber-Letzel Ira 47057 Sternbuschweg 107
Weber-Wildmund Ira 47139 Hochfelder- 59
Weber-von Hartz Karin 47259 Dürer- 1
Weberbartold Agnes 47229 Sedan- 6
– Hedwig 47167 Am Hagelkreuz 15
– Ingrid 47199 Maiblumen- 13
– Maria 47249 Am Fernbusch 6
– Ulrike 47229 Am Fernbusch 6
Webermann Agnes 47249 Allgäuer- 23
– Bruno 47269 Uhlenbroicher Weg 32
– Heinrich 47249 Allgäuer- 23
Webers Andrea 47269 Kothen- 6
– Andrea 47139 Pfender- 23
– Arno 47058 Carl-Benz- 11
– Arno 47058 Carl-Benz- 11
– Dorothea 47058 Mülheimer- 189
– Edeltraut 47058 Mülheimer- 189
– Elisabeth 47057 Lothar- 300
– Elisabeth 47057 Lothar- 300
– Franziska 47058 Moltke- 8
– Gerda 47279 Reiserweg 107
– Guido-Alexander 47259 Düsseldorfer Land- 219
– Hans-Peter 47057 Lothar- 300
– Hans-Peter 47057 Lothar- 300
– Hans 47058 Prinz-Albrecht- 70
– Heinrich 47198 Ruhrorter- 8
– Heinz 47138 Ruhrorter- 30
– Hermann 47166 Kant- 46
– Ingrid 47058 Prinz-Albrecht- 7
– Ingrid 47259 Fiskus- 101
– Jörg 47119 Vinckeufer- 12
– Johannes 47058 Moltke- 8
– Luise 47228 Feld- 10
– Manfred 47259 Am Palmbleck 1
– Margret 47228 Feld- 10
– Marion 47166 Kant- 46
– Mathilde 47137 Lohengrin- 23
Gewerbebetriebe/Dienstleister nach Namen – siehe gelber Teil	A-Du
